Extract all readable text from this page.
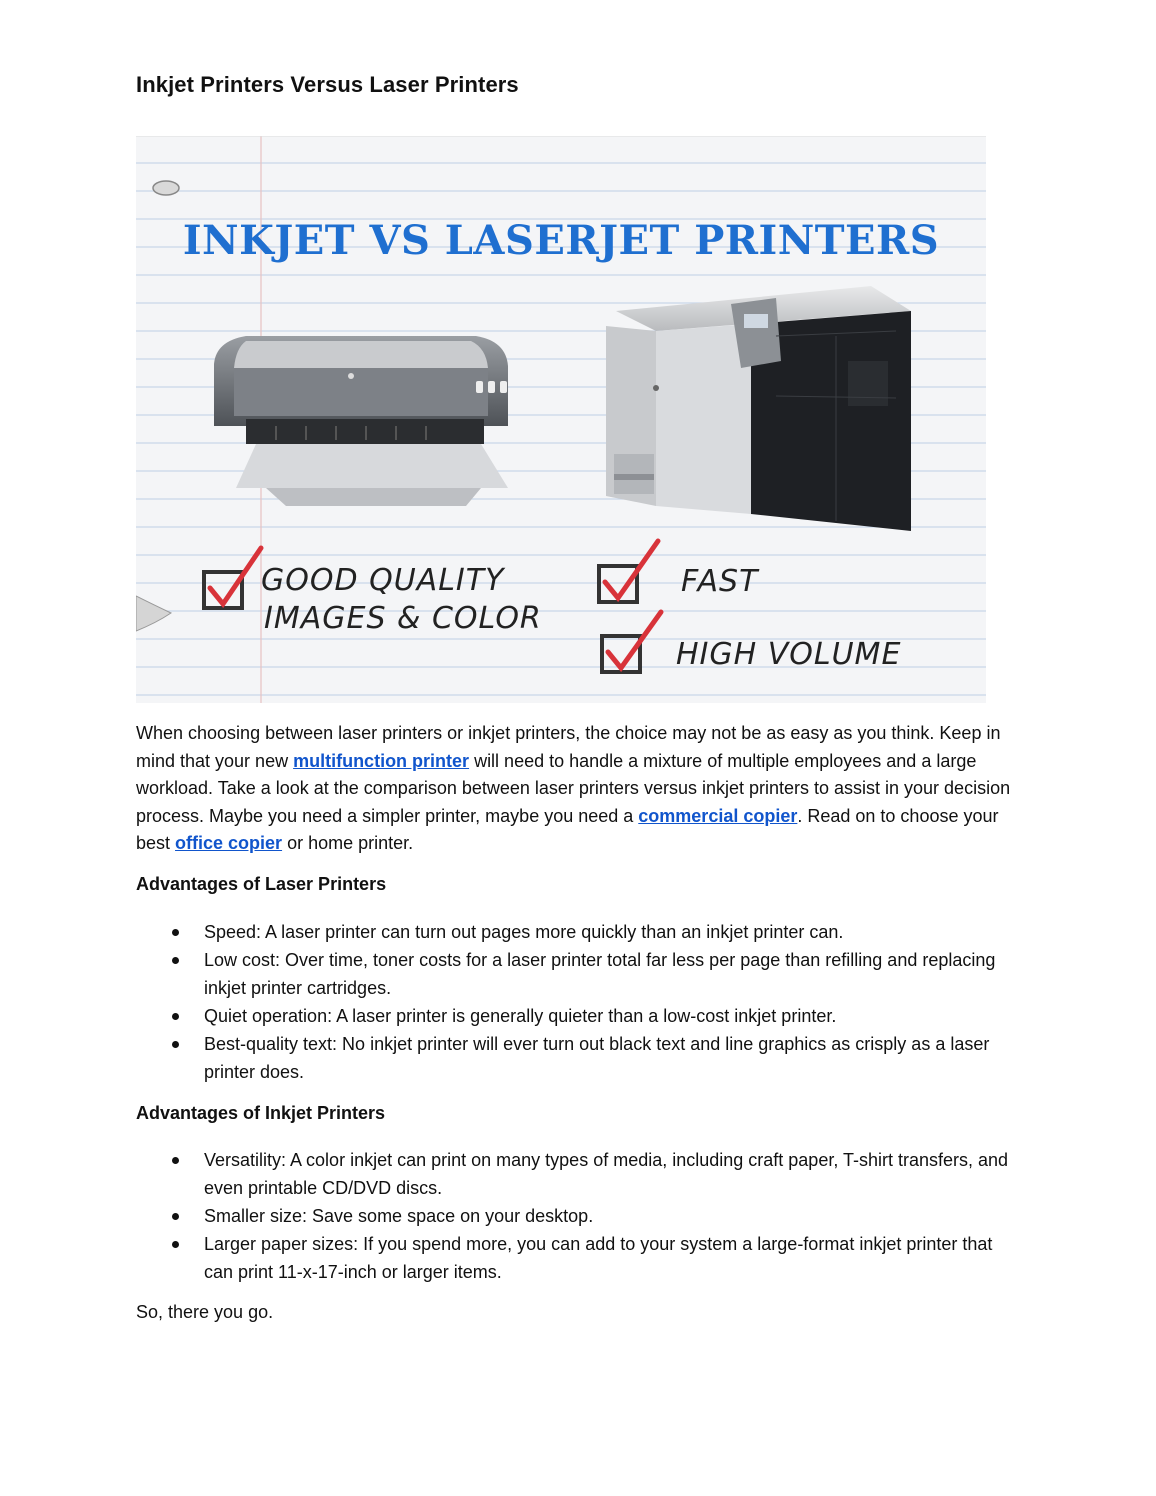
Inkjet Printers Versus Laser Printers
INKJET VS LASERJET PRINTERS
GOOD QUALITY
IMAGES & COLOR
FAST
HIGH VOLUME

When choosing between laser printers or inkjet printers, the choice may not be as easy as you think. Keep in mind that your new multifunction printer will need to handle a mixture of multiple employees and a large workload. Take a look at the comparison between laser printers versus inkjet printers to assist in your decision process. Maybe you need a simpler printer, maybe you need a commercial copier. Read on to choose your best office copier or home printer.

Advantages of Laser Printers
Speed: A laser printer can turn out pages more quickly than an inkjet printer can.
Low cost: Over time, toner costs for a laser printer total far less per page than refilling and replacing inkjet printer cartridges.
Quiet operation: A laser printer is generally quieter than a low-cost inkjet printer.
Best-quality text: No inkjet printer will ever turn out black text and line graphics as crisply as a laser printer does.
Advantages of Inkjet Printers
Versatility: A color inkjet can print on many types of media, including craft paper, T-shirt transfers, and even printable CD/DVD discs.
Smaller size: Save some space on your desktop.
Larger paper sizes: If you spend more, you can add to your system a large-format inkjet printer that can print 11-x-17-inch or larger items.

So, there you go.
